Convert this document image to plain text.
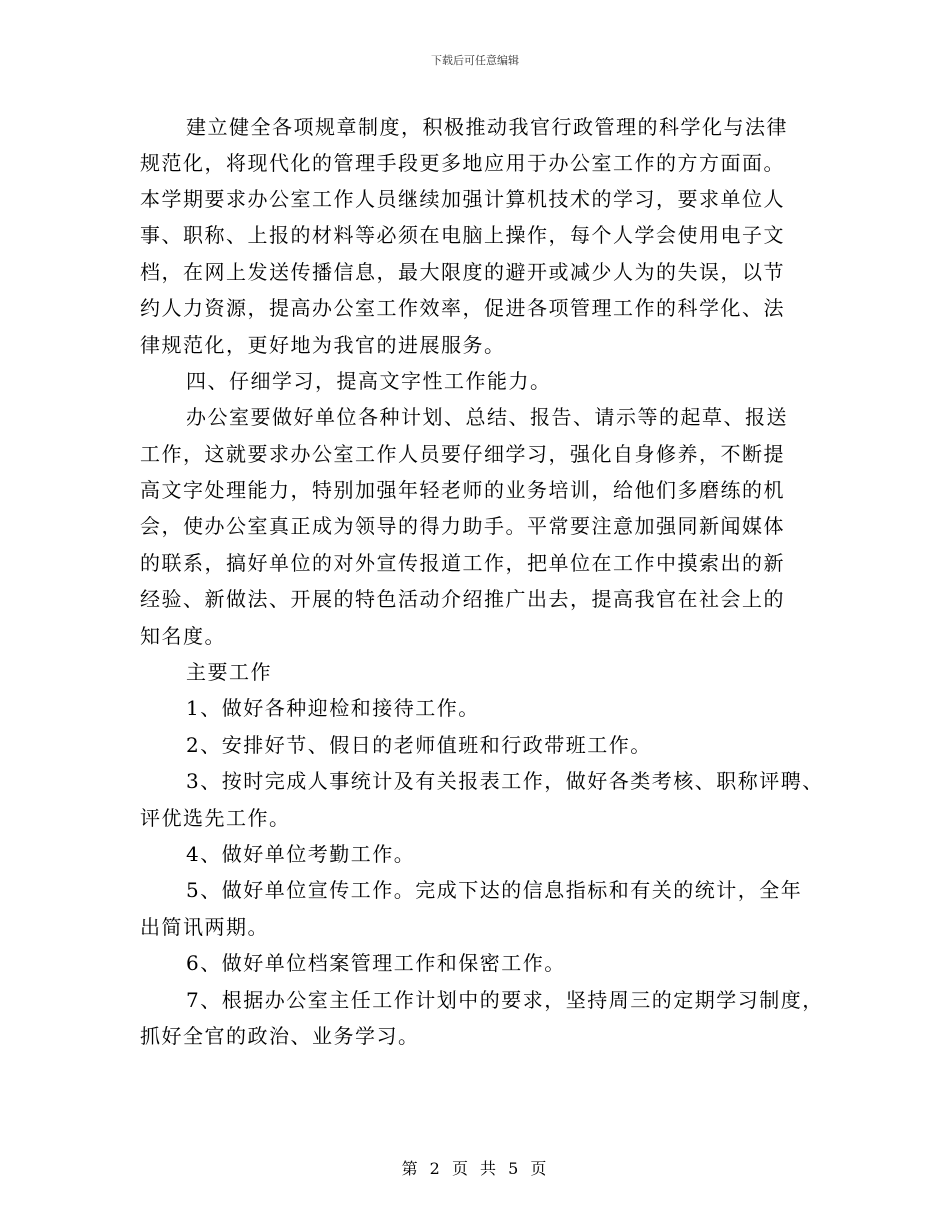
下载后可任意编辑
建立健全各项规章制度，积极推动我官行政管理的科学化与法律
规范化，将现代化的管理手段更多地应用于办公室工作的方方面面。
本学期要求办公室工作人员继续加强计算机技术的学习，要求单位人
事、职称、上报的材料等必须在电脑上操作，每个人学会使用电子文
档，在网上发送传播信息，最大限度的避开或减少人为的失误，以节
约人力资源，提高办公室工作效率，促进各项管理工作的科学化、法
律规范化，更好地为我官的进展服务。
四、仔细学习，提高文字性工作能力。
办公室要做好单位各种计划、总结、报告、请示等的起草、报送
工作，这就要求办公室工作人员要仔细学习，强化自身修养，不断提
高文字处理能力，特别加强年轻老师的业务培训，给他们多磨练的机
会，使办公室真正成为领导的得力助手。平常要注意加强同新闻媒体
的联系，搞好单位的对外宣传报道工作，把单位在工作中摸索出的新
经验、新做法、开展的特色活动介绍推广出去，提高我官在社会上的
知名度。
主要工作
1、做好各种迎检和接待工作。
2、安排好节、假日的老师值班和行政带班工作。
3、按时完成人事统计及有关报表工作，做好各类考核、职称评聘、
评优选先工作。
4、做好单位考勤工作。
5、做好单位宣传工作。完成下达的信息指标和有关的统计，全年
出简讯两期。
6、做好单位档案管理工作和保密工作。
7、根据办公室主任工作计划中的要求，坚持周三的定期学习制度，
抓好全官的政治、业务学习。
第 2 页 共 5 页
